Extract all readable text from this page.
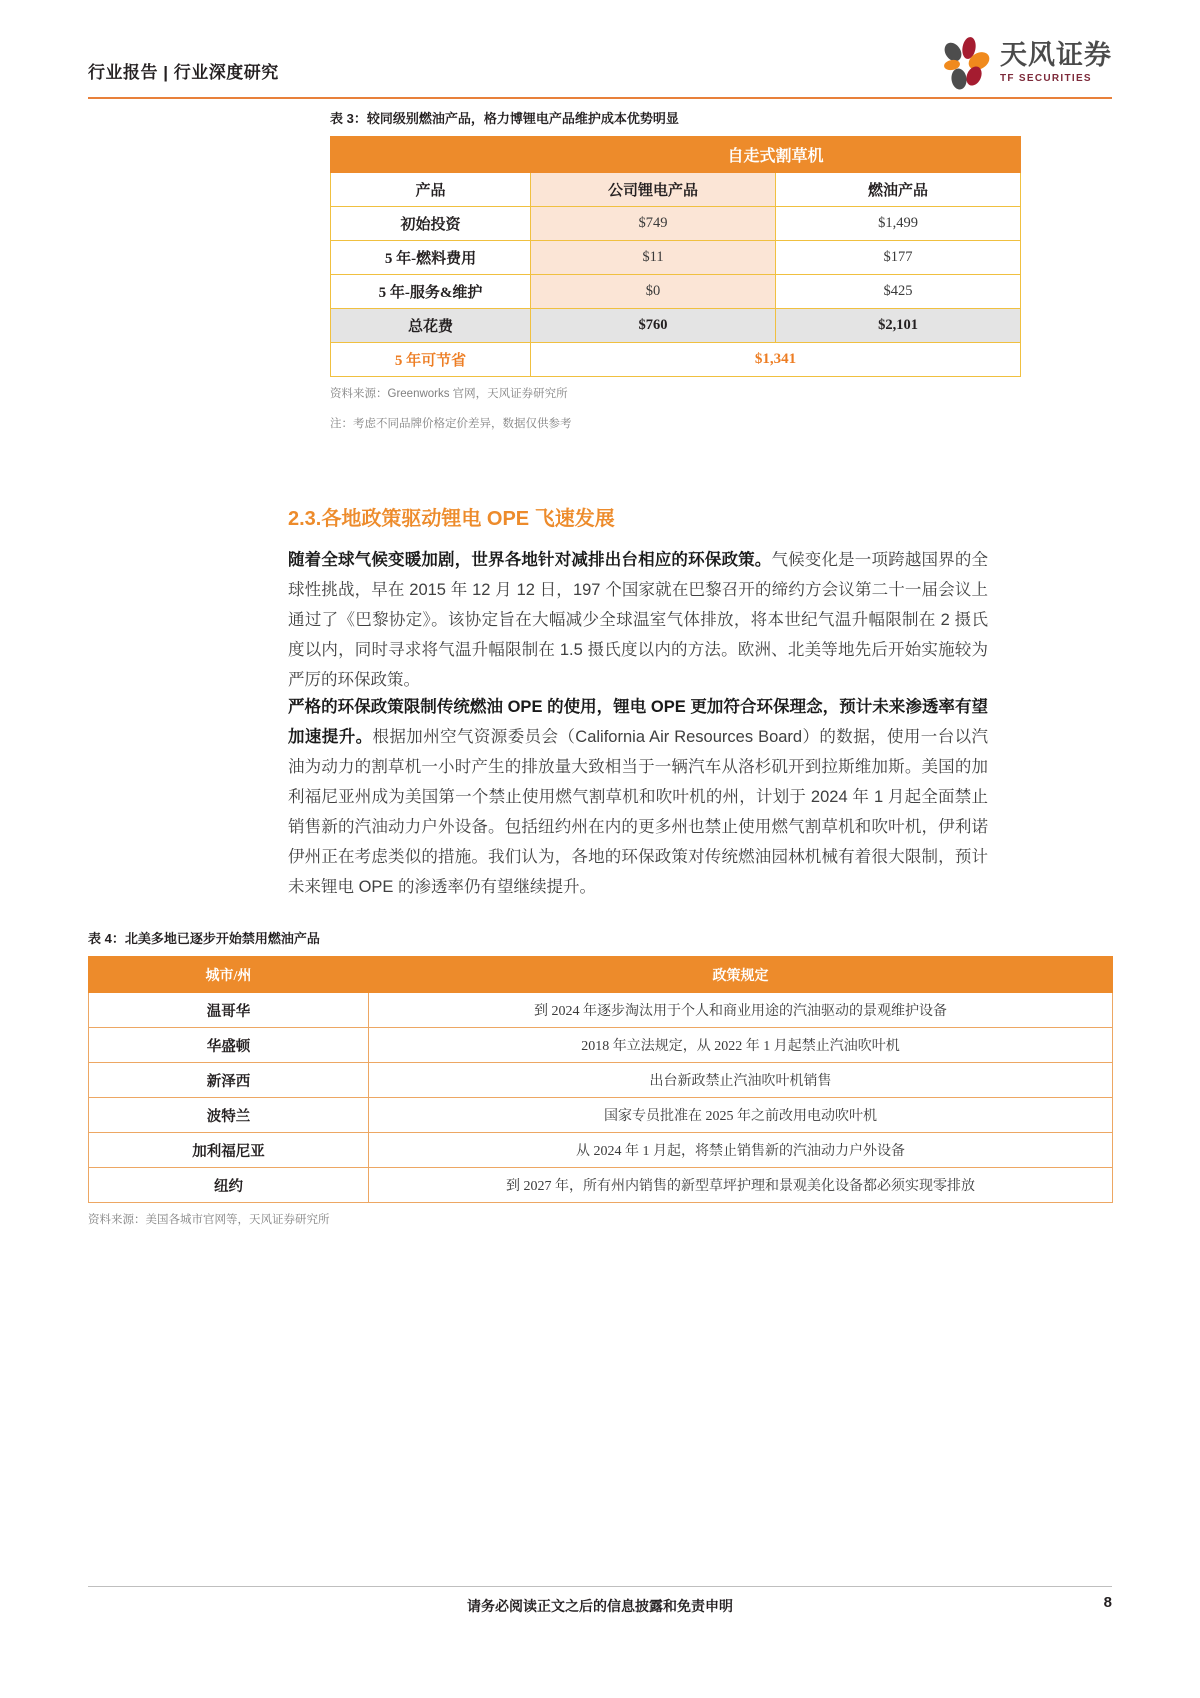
行业报告 | 行业深度研究
天风证券
TF SECURITIES
表 3：较同级别燃油产品，格力博锂电产品维护成本优势明显
	自走式割草机	
产品	公司锂电产品	燃油产品
初始投资	$749	$1,499
5 年-燃料费用	$11	$177
5 年-服务&维护	$0	$425
总花费	$760	$2,101
5 年可节省	$1,341	
资料来源：Greenworks 官网，天风证券研究所
注：考虑不同品牌价格定价差异，数据仅供参考
2.3.各地政策驱动锂电 OPE 飞速发展
随着全球气候变暖加剧，世界各地针对减排出台相应的环保政策。气候变化是一项跨越国界的全球性挑战，早在 2015 年 12 月 12 日，197 个国家就在巴黎召开的缔约方会议第二十一届会议上通过了《巴黎协定》。该协定旨在大幅减少全球温室气体排放，将本世纪气温升幅限制在 2 摄氏度以内，同时寻求将气温升幅限制在 1.5 摄氏度以内的方法。欧洲、北美等地先后开始实施较为严厉的环保政策。
严格的环保政策限制传统燃油 OPE 的使用，锂电 OPE 更加符合环保理念，预计未来渗透率有望加速提升。根据加州空气资源委员会（California Air Resources Board）的数据，使用一台以汽油为动力的割草机一小时产生的排放量大致相当于一辆汽车从洛杉矶开到拉斯维加斯。美国的加利福尼亚州成为美国第一个禁止使用燃气割草机和吹叶机的州，计划于 2024 年 1 月起全面禁止销售新的汽油动力户外设备。包括纽约州在内的更多州也禁止使用燃气割草机和吹叶机，伊利诺伊州正在考虑类似的措施。我们认为，各地的环保政策对传统燃油园林机械有着很大限制，预计未来锂电 OPE 的渗透率仍有望继续提升。
表 4：北美多地已逐步开始禁用燃油产品
城市/州	政策规定
温哥华	到 2024 年逐步淘汰用于个人和商业用途的汽油驱动的景观维护设备
华盛顿	2018 年立法规定，从 2022 年 1 月起禁止汽油吹叶机
新泽西	出台新政禁止汽油吹叶机销售
波特兰	国家专员批准在 2025 年之前改用电动吹叶机
加利福尼亚	从 2024 年 1 月起，将禁止销售新的汽油动力户外设备
纽约	到 2027 年，所有州内销售的新型草坪护理和景观美化设备都必须实现零排放
资料来源：美国各城市官网等，天风证券研究所
请务必阅读正文之后的信息披露和免责申明	8
